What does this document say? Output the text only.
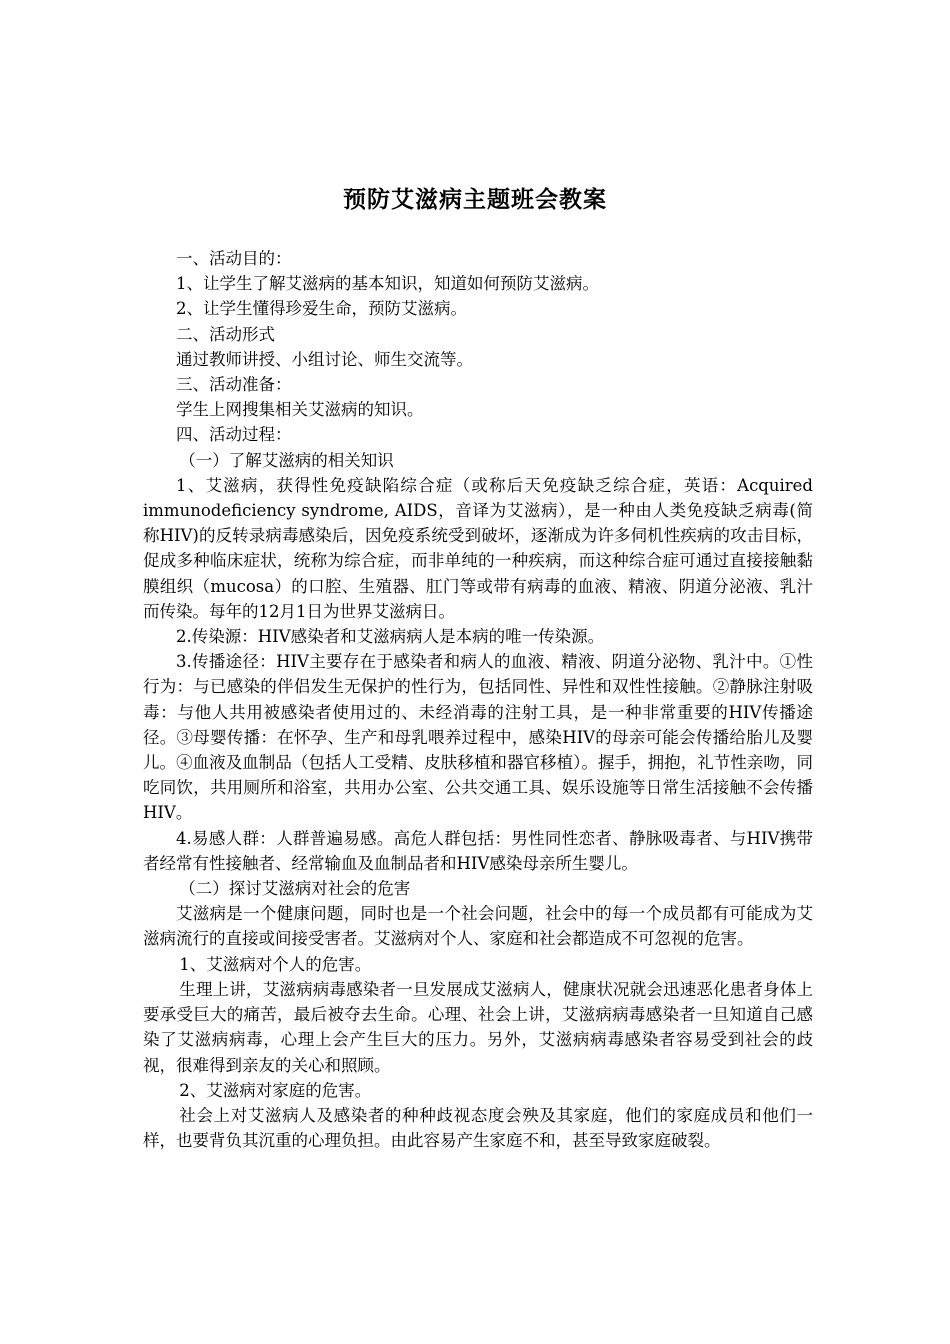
预防艾滋病主题班会教案

一、活动目的：

1、让学生了解艾滋病的基本知识，知道如何预防艾滋病。

2、让学生懂得珍爱生命，预防艾滋病。

二、活动形式

通过教师讲授、小组讨论、师生交流等。

三、活动准备：

学生上网搜集相关艾滋病的知识。

四、活动过程：

（一）了解艾滋病的相关知识

1、艾滋病，获得性免疫缺陷综合症（或称后天免疫缺乏综合症，英语：Acquired immunodeficiency syndrome, AIDS，音译为艾滋病），是一种由人类免疫缺乏病毒(简称HIV)的反转录病毒感染后，因免疫系统受到破坏，逐渐成为许多伺机性疾病的攻击目标，促成多种临床症状，统称为综合症，而非单纯的一种疾病，而这种综合症可通过直接接触黏膜组织（mucosa）的口腔、生殖器、肛门等或带有病毒的血液、精液、阴道分泌液、乳汁而传染。每年的12月1日为世界艾滋病日。

2.传染源：HIV感染者和艾滋病病人是本病的唯一传染源。

3.传播途径：HIV主要存在于感染者和病人的血液、精液、阴道分泌物、乳汁中。①性行为：与已感染的伴侣发生无保护的性行为，包括同性、异性和双性性接触。②静脉注射吸毒：与他人共用被感染者使用过的、未经消毒的注射工具，是一种非常重要的HIV传播途径。③母婴传播：在怀孕、生产和母乳喂养过程中，感染HIV的母亲可能会传播给胎儿及婴儿。④血液及血制品（包括人工受精、皮肤移植和器官移植）。握手，拥抱，礼节性亲吻，同吃同饮，共用厕所和浴室，共用办公室、公共交通工具、娱乐设施等日常生活接触不会传播HIV。

4.易感人群：人群普遍易感。高危人群包括：男性同性恋者、静脉吸毒者、与HIV携带者经常有性接触者、经常输血及血制品者和HIV感染母亲所生婴儿。

（二）探讨艾滋病对社会的危害

艾滋病是一个健康问题，同时也是一个社会问题，社会中的每一个成员都有可能成为艾滋病流行的直接或间接受害者。艾滋病对个人、家庭和社会都造成不可忽视的危害。

1、艾滋病对个人的危害。

生理上讲，艾滋病病毒感染者一旦发展成艾滋病人，健康状况就会迅速恶化患者身体上要承受巨大的痛苦，最后被夺去生命。心理、社会上讲，艾滋病病毒感染者一旦知道自己感染了艾滋病病毒，心理上会产生巨大的压力。另外，艾滋病病毒感染者容易受到社会的歧视，很难得到亲友的关心和照顾。

2、艾滋病对家庭的危害。

社会上对艾滋病人及感染者的种种歧视态度会殃及其家庭，他们的家庭成员和他们一样，也要背负其沉重的心理负担。由此容易产生家庭不和，甚至导致家庭破裂。
